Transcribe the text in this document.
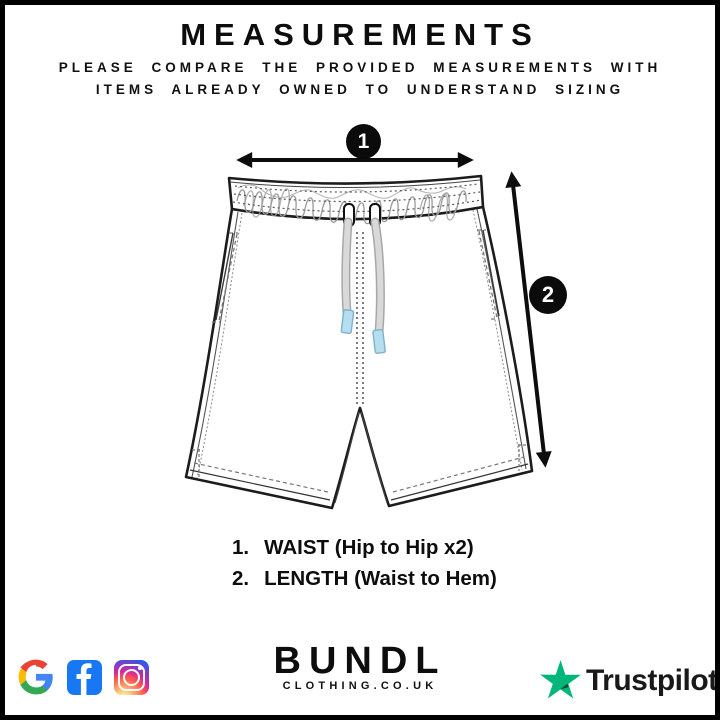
MEASUREMENTS
PLEASE COMPARE THE PROVIDED MEASUREMENTS WITH
ITEMS ALREADY OWNED TO UNDERSTAND SIZING
1
2
1. WAIST (Hip to Hip x2)
2. LENGTH (Waist to Hem)
BUNDL
CLOTHING.CO.UK	Trustpilot
